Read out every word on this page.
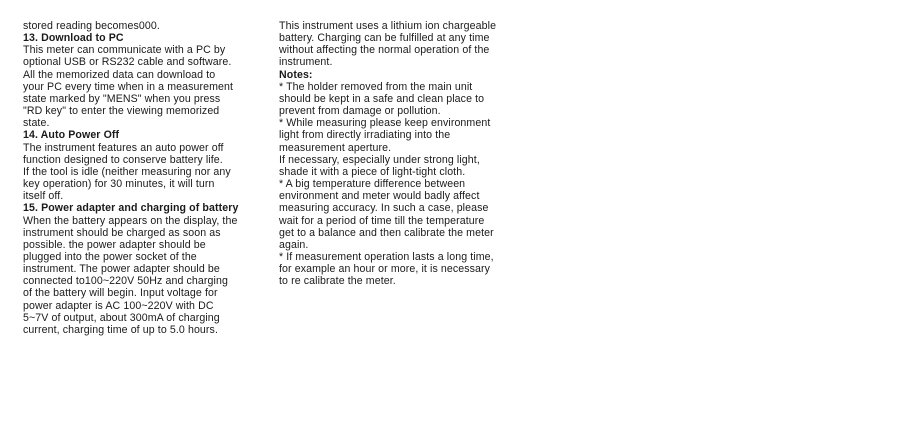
stored reading becomes000.
13. Download to PC
This meter can communicate with a PC by
optional USB or RS232 cable and software.
All the memorized data can download to
your PC every time when in a measurement
state marked by "MENS" when you press
"RD key" to enter the viewing memorized
state.
14. Auto Power Off
The instrument features an auto power off
function designed to conserve battery life.
If the tool is idle (neither measuring nor any
key operation) for 30 minutes, it will turn
itself off.
15. Power adapter and charging of battery
When the battery appears on the display, the
instrument should be charged as soon as
possible. the power adapter should be
plugged into the power socket of the
instrument. The power adapter should be
connected to100~220V 50Hz and charging
of the battery will begin. Input voltage for
power adapter is AC 100~220V with DC
5~7V of output, about 300mA of charging
current, charging time of up to 5.0 hours.
This instrument uses a lithium ion chargeable
battery. Charging can be fulfilled at any time
without affecting the normal operation of the
instrument.
Notes:
* The holder removed from the main unit
should be kept in a safe and clean place to
prevent from damage or pollution.
* While measuring please keep environment
light from directly irradiating into the
measurement aperture.
If necessary, especially under strong light,
shade it with a piece of light-tight cloth.
* A big temperature difference between
environment and meter would badly affect
measuring accuracy. In such a case, please
wait for a period of time till the temperature
get to a balance and then calibrate the meter
again.
* If measurement operation lasts a long time,
for example an hour or more, it is necessary
to re calibrate the meter.
